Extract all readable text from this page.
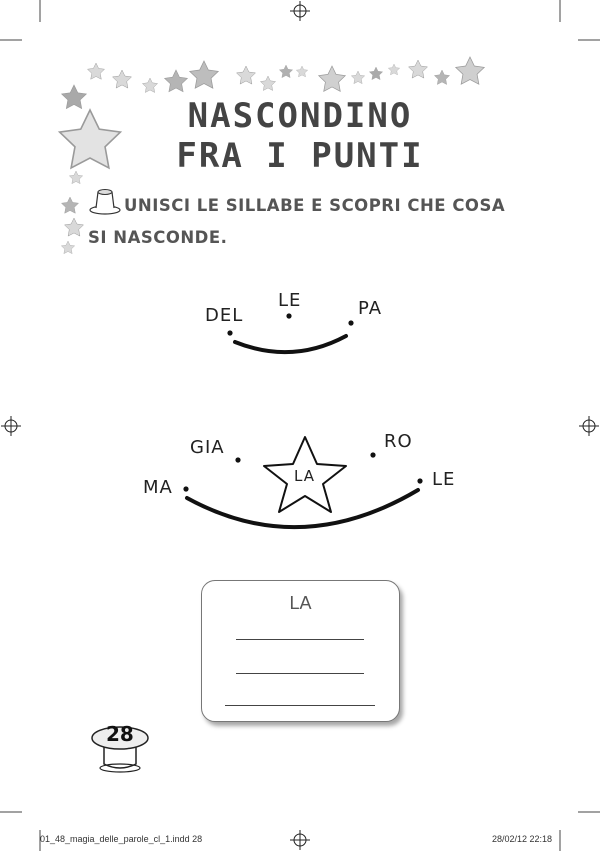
NASCONDINO
FRA I PUNTI
UNISCI LE SILLABE E SCOPRI CHE COSA
SI NASCONDE.
DEL
LE	PA
GIA	RO
MA	LE
LA
LA
28
01_48_magia_delle_parole_cl_1.indd 28	28/02/12 22:18
